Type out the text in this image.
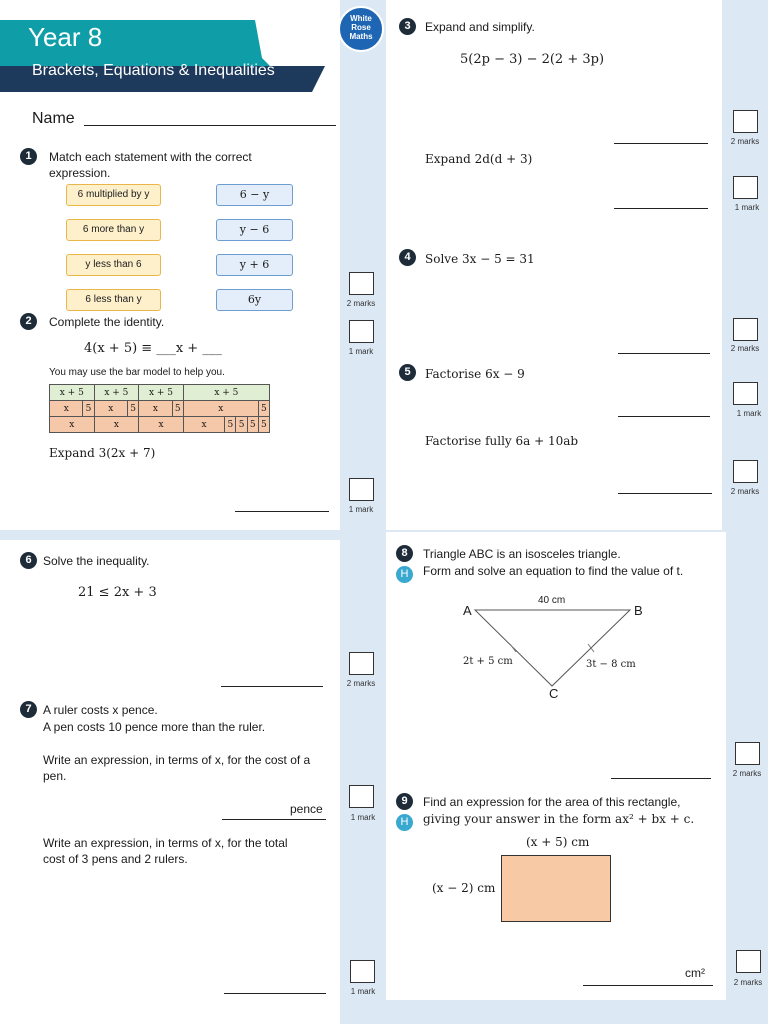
Year 8
Brackets, Equations & Inequalities
Name
White
Rose
Maths
1	Match each statement with the correct
expression.
6 multiplied by y
6 more than y
y less than 6
6 less than y
6 − y
y − 6
y + 6
6y	2 marks
2	Complete the identity.
4(x + 5) ≡ ___x + ___	1 mark
You may use the bar model to help you.
x + 5		x + 5		x + 5		x + 5				
x	5	x	5	x	5	x				5
x		x		x		x	5	5	5	5
Expand 3(2x + 7)
1 mark
3	Expand and simplify.
5(2p − 3) − 2(2 + 3p)
2 marks
Expand 2d(d + 3)
1 mark
4	Solve 3x − 5 = 31
2 marks
5	Factorise 6x − 9
1 mark
Factorise fully 6a + 10ab
2 marks
6 Solve the inequality.
21 ≤ 2x + 3
2 marks
7 A ruler costs x pence.
A pen costs 10 pence more than the ruler.
Write an expression, in terms of x, for the cost of a
pen.
pence
1 mark
Write an expression, in terms of x, for the total
cost of 3 pens and 2 rulers.
1 mark
8
H
Triangle ABC is an isosceles triangle.
Form and solve an equation to find the value of t.
A	B
C
40 cm
2t + 5 cm	3t − 8 cm
2 marks
9
H
Find an expression for the area of this rectangle,
giving your answer in the form ax² + bx + c.
(x + 5) cm
(x − 2) cm
cm²
2 marks
